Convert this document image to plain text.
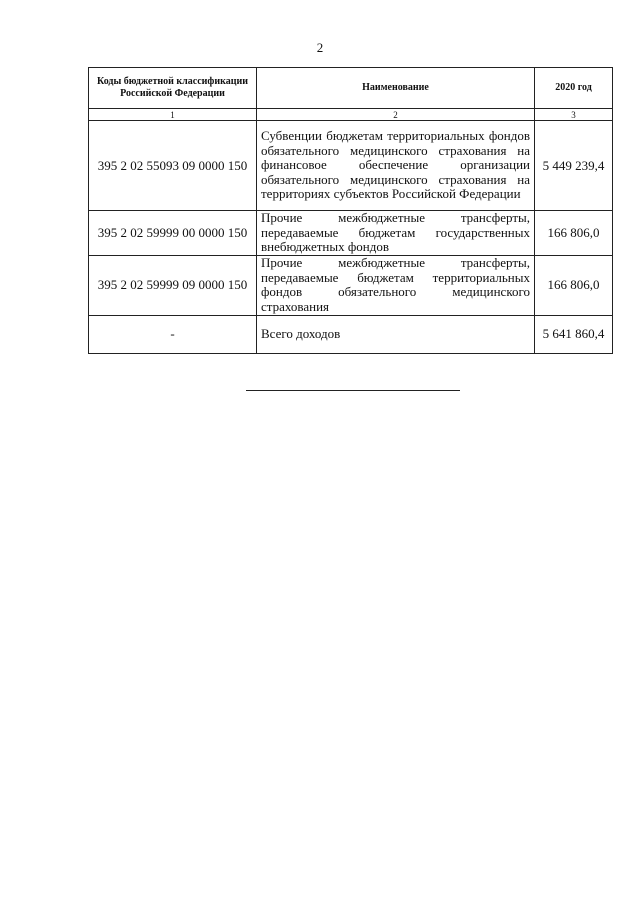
2
Коды бюджетной классификации Российской Федерации	Наименование	2020 год
1	2	3
395 2 02 55093 09 0000 150	Субвенции бюджетам территориальных фондов обязательного медицинского страхования на финансовое обеспечение организации обязательного медицинского страхования на территориях субъектов Российской Федерации	5 449 239,4
395 2 02 59999 00 0000 150	Прочие межбюджетные трансферты, передаваемые бюджетам государственных внебюджетных фондов	166 806,0
395 2 02 59999 09 0000 150	Прочие межбюджетные трансферты, передаваемые бюджетам территориальных фондов обязательного медицинского страхования	166 806,0
-	Всего доходов	5 641 860,4
